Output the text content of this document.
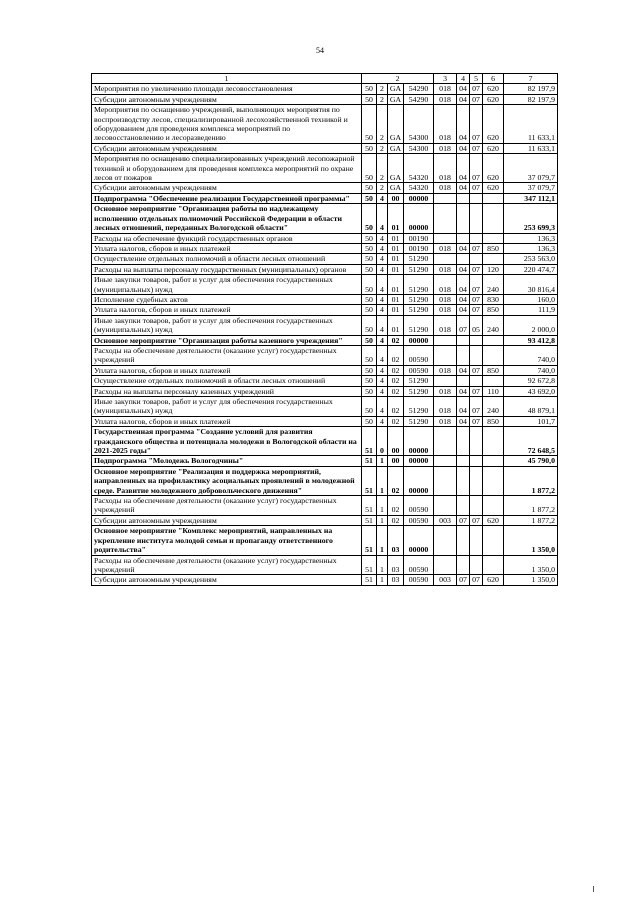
54
1	2				3	4	5	6	7
Мероприятия по увеличению площади лесовосстановления	50	2	GA	54290	018	04	07	620	82 197,9
Субсидии автономным учреждениям	50	2	GA	54290	018	04	07	620	82 197,9
Мероприятия по оснащению учреждений, выполняющих мероприятия по воспроизводству лесов, специализированной лесохозяйственной техникой и оборудованием для проведения комплекса мероприятий по лесовосстановлению и лесоразведению	50	2	GA	54300	018	04	07	620	11 633,1
Субсидии автономным учреждениям	50	2	GA	54300	018	04	07	620	11 633,1
Мероприятия по оснащению специализированных учреждений лесопожарной техникой и оборудованием для проведения комплекса мероприятий по охране лесов от пожаров	50	2	GA	54320	018	04	07	620	37 079,7
Субсидии автономным учреждениям	50	2	GA	54320	018	04	07	620	37 079,7
Подпрограмма "Обеспечение реализации Государственной программы"	50	4	00	00000					347 112,1
Основное мероприятие "Организация работы по надлежащему исполнению отдельных полномочий Российской Федерации в области лесных отношений, переданных Вологодской области"	50	4	01	00000					253 699,3
Расходы на обеспечение функций государственных органов	50	4	01	00190					136,3
Уплата налогов, сборов и иных платежей	50	4	01	00190	018	04	07	850	136,3
Осуществление отдельных полномочий в области лесных отношений	50	4	01	51290					253 563,0
Расходы на выплаты персоналу государственных (муниципальных) органов	50	4	01	51290	018	04	07	120	220 474,7
Иные закупки товаров, работ и услуг для обеспечения государственных (муниципальных) нужд	50	4	01	51290	018	04	07	240	30 816,4
Исполнение судебных актов	50	4	01	51290	018	04	07	830	160,0
Уплата налогов, сборов и иных платежей	50	4	01	51290	018	04	07	850	111,9
Иные закупки товаров, работ и услуг для обеспечения государственных (муниципальных) нужд	50	4	01	51290	018	07	05	240	2 000,0
Основное мероприятие "Организация работы казенного учреждения"	50	4	02	00000					93 412,8
Расходы на обеспечение деятельности (оказание услуг) государственных учреждений	50	4	02	00590					740,0
Уплата налогов, сборов и иных платежей	50	4	02	00590	018	04	07	850	740,0
Осуществление отдельных полномочий в области лесных отношений	50	4	02	51290					92 672,8
Расходы на выплаты персоналу казенных учреждений	50	4	02	51290	018	04	07	110	43 692,0
Иные закупки товаров, работ и услуг для обеспечения государственных (муниципальных) нужд	50	4	02	51290	018	04	07	240	48 879,1
Уплата налогов, сборов и иных платежей	50	4	02	51290	018	04	07	850	101,7
Государственная программа "Создание условий для развития гражданского общества и потенциала молодежи в Вологодской области на 2021-2025 годы"	51	0	00	00000					72 648,5
Подпрограмма "Молодежь Вологодчины"	51	1	00	00000					45 790,0
Основное мероприятие "Реализация и поддержка мероприятий, направленных на профилактику асоциальных проявлений в молодежной среде. Развитие молодежного добровольческого движения"	51	1	02	00000					1 877,2
Расходы на обеспечение деятельности (оказание услуг) государственных учреждений	51	1	02	00590					1 877,2
Субсидии автономным учреждениям	51	1	02	00590	003	07	07	620	1 877,2
Основное мероприятие "Комплекс мероприятий, направленных на укрепление института молодой семьи и пропаганду ответственного родительства"	51	1	03	00000					1 350,0
Расходы на обеспечение деятельности (оказание услуг) государственных учреждений	51	1	03	00590					1 350,0
Субсидии автономным учреждениям	51	1	03	00590	003	07	07	620	1 350,0
